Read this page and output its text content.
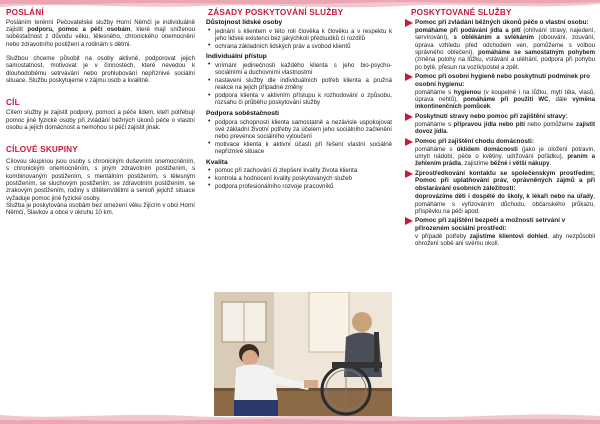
POSLÁNÍ

Posláním terénní Pečovatelské služby Horní Němčí je individuálně zajistit podporu, pomoc a péči osobám, které mají sníženou soběstačnost z důvodu věku, tělesného, chronického onemocnění nebo zdravotního postižení a rodinám s dětmi.

Službou chceme působit na osoby aktivně, podporovat jejich samostatnost, motivovat je v činnostech, které nevedou k dlouhodobému setrvávání nebo prohlubování nepříznivé sociální situace. Službu poskytujeme v zájmu osob a kvalitně.

CÍL

Cílem služby je zajistit podpory, pomoci a péče lidem, kteří potřebují pomoc jiné fyzické osoby při zvládání běžných úkonů péče o vlastní osobu a jejich domácnost a nemohou si péči zajistit jinak.

CÍLOVÉ SKUPINY

Cílovou skupinou jsou osoby s chronickým duševním onemocněním, s chronickým onemocněním, s jiným zdravotním postižením, s kombinovaným postižením, s mentálním postižením, s tělesným postižením, se sluchovým postižením, se zdravotním postižením, se zrakovým postižením, rodiny s dítětem/dětmi a senioři jejichž situace vyžaduje pomoc jiné fyzické osoby.

Služba je poskytována osobám bez omezení věku žijícím v obci Horní Němčí, Slavkov a obce v okruhu 10 km.

ZÁSADY POSKYTOVÁNÍ SLUŽBY
Důstojnost lidské osoby
• jednání s klientem v této roli člověka k člověku a v respektu k jeho lidské existenci bez jakýchkoli předsudků či rozdílů
• ochrana základních lidských práv a svobod klientů
Individuální přístup
• vnímání jedinečnosti každého klienta s jeho bio-psycho-sociálními a duchovními vlastnostmi
• nastavení služby dle individuálních potřeb klienta a pružná reakce na jejich případné změny
• podpora klienta v aktivním přístupu k rozhodování o způsobu, rozsahu či průběhu poskytování služby
Podpora soběstačnosti
• podpora schopnosti klienta samostatně a nezávisle uspokojovat své základní životní potřeby za účelem jeho sociálního začlenění nebo prevence sociálního vyloučení
• motivace klienta k aktivní účasti při řešení vlastní sociálně nepříznivé situace
Kvalita
• pomoc při zachování či zlepšení kvality života klienta
• kontrola a hodnocení kvality poskytovaných služeb
• podpora profesionálního rozvoje pracovníků
POSKYTOVANÉ SLUŽBY
Pomoc při zvládání běžných úkonů péče o vlastní osobu:
pomáháme při podávání jídla a pití (ohlívání stravy, najedení, servírování), s oblékáním a svlékáním (obouvání, zouvání, úprava vzhledu před odchodem ven, pomůžeme s volbou správného oblečení), pomáháme se samostatným pohybem (změna polohy na lůžku, vstávání a uléhání, podpora při pohybu po bytě, přesun na vozík/postel a zpět.
Pomoc při osobní hygieně nebo poskytnutí podmínek pro osobní hygienu:
pomáháme s hygienou (v koupelně i na lůžku, mytí těla, vlasů, úprava nehtů), pomáháme při použití WC, dále výměna inkontinenčních pomůcek.
Poskytnutí stravy nebo pomoc při zajištění stravy:
pomáháme s přípravou jídla nebo pití nebo pomůžeme zajistit dovoz jídla.
Pomoc při zajištění chodu domácnosti:
pomáháme s úklidem domácnosti (jako je úložení potravin, umytí nádobí, péče o květiny, udržování pořádku), praním a žehlením prádla, zajistíme běžné i větší nákupy.
Zprostředkování kontaktu se společenským prostředím; Pomoc při uplatňování práv, oprávněných zájmů a při obstarávání osobních záležitostí:
doprovázíme děti i dospělé do školy, k lékaři nebo na úřady, pomáháme s vyřizováním důchodu, občanského průkazu, příspěvku na péči apod.
Pomoc při zajištění bezpečí a možnosti setrvání v přirozeném sociální prostředí:
v případě potřeby zajistíme klientovi dohled, aby nezpůsobil ohrožení sobě ani svému okolí.
